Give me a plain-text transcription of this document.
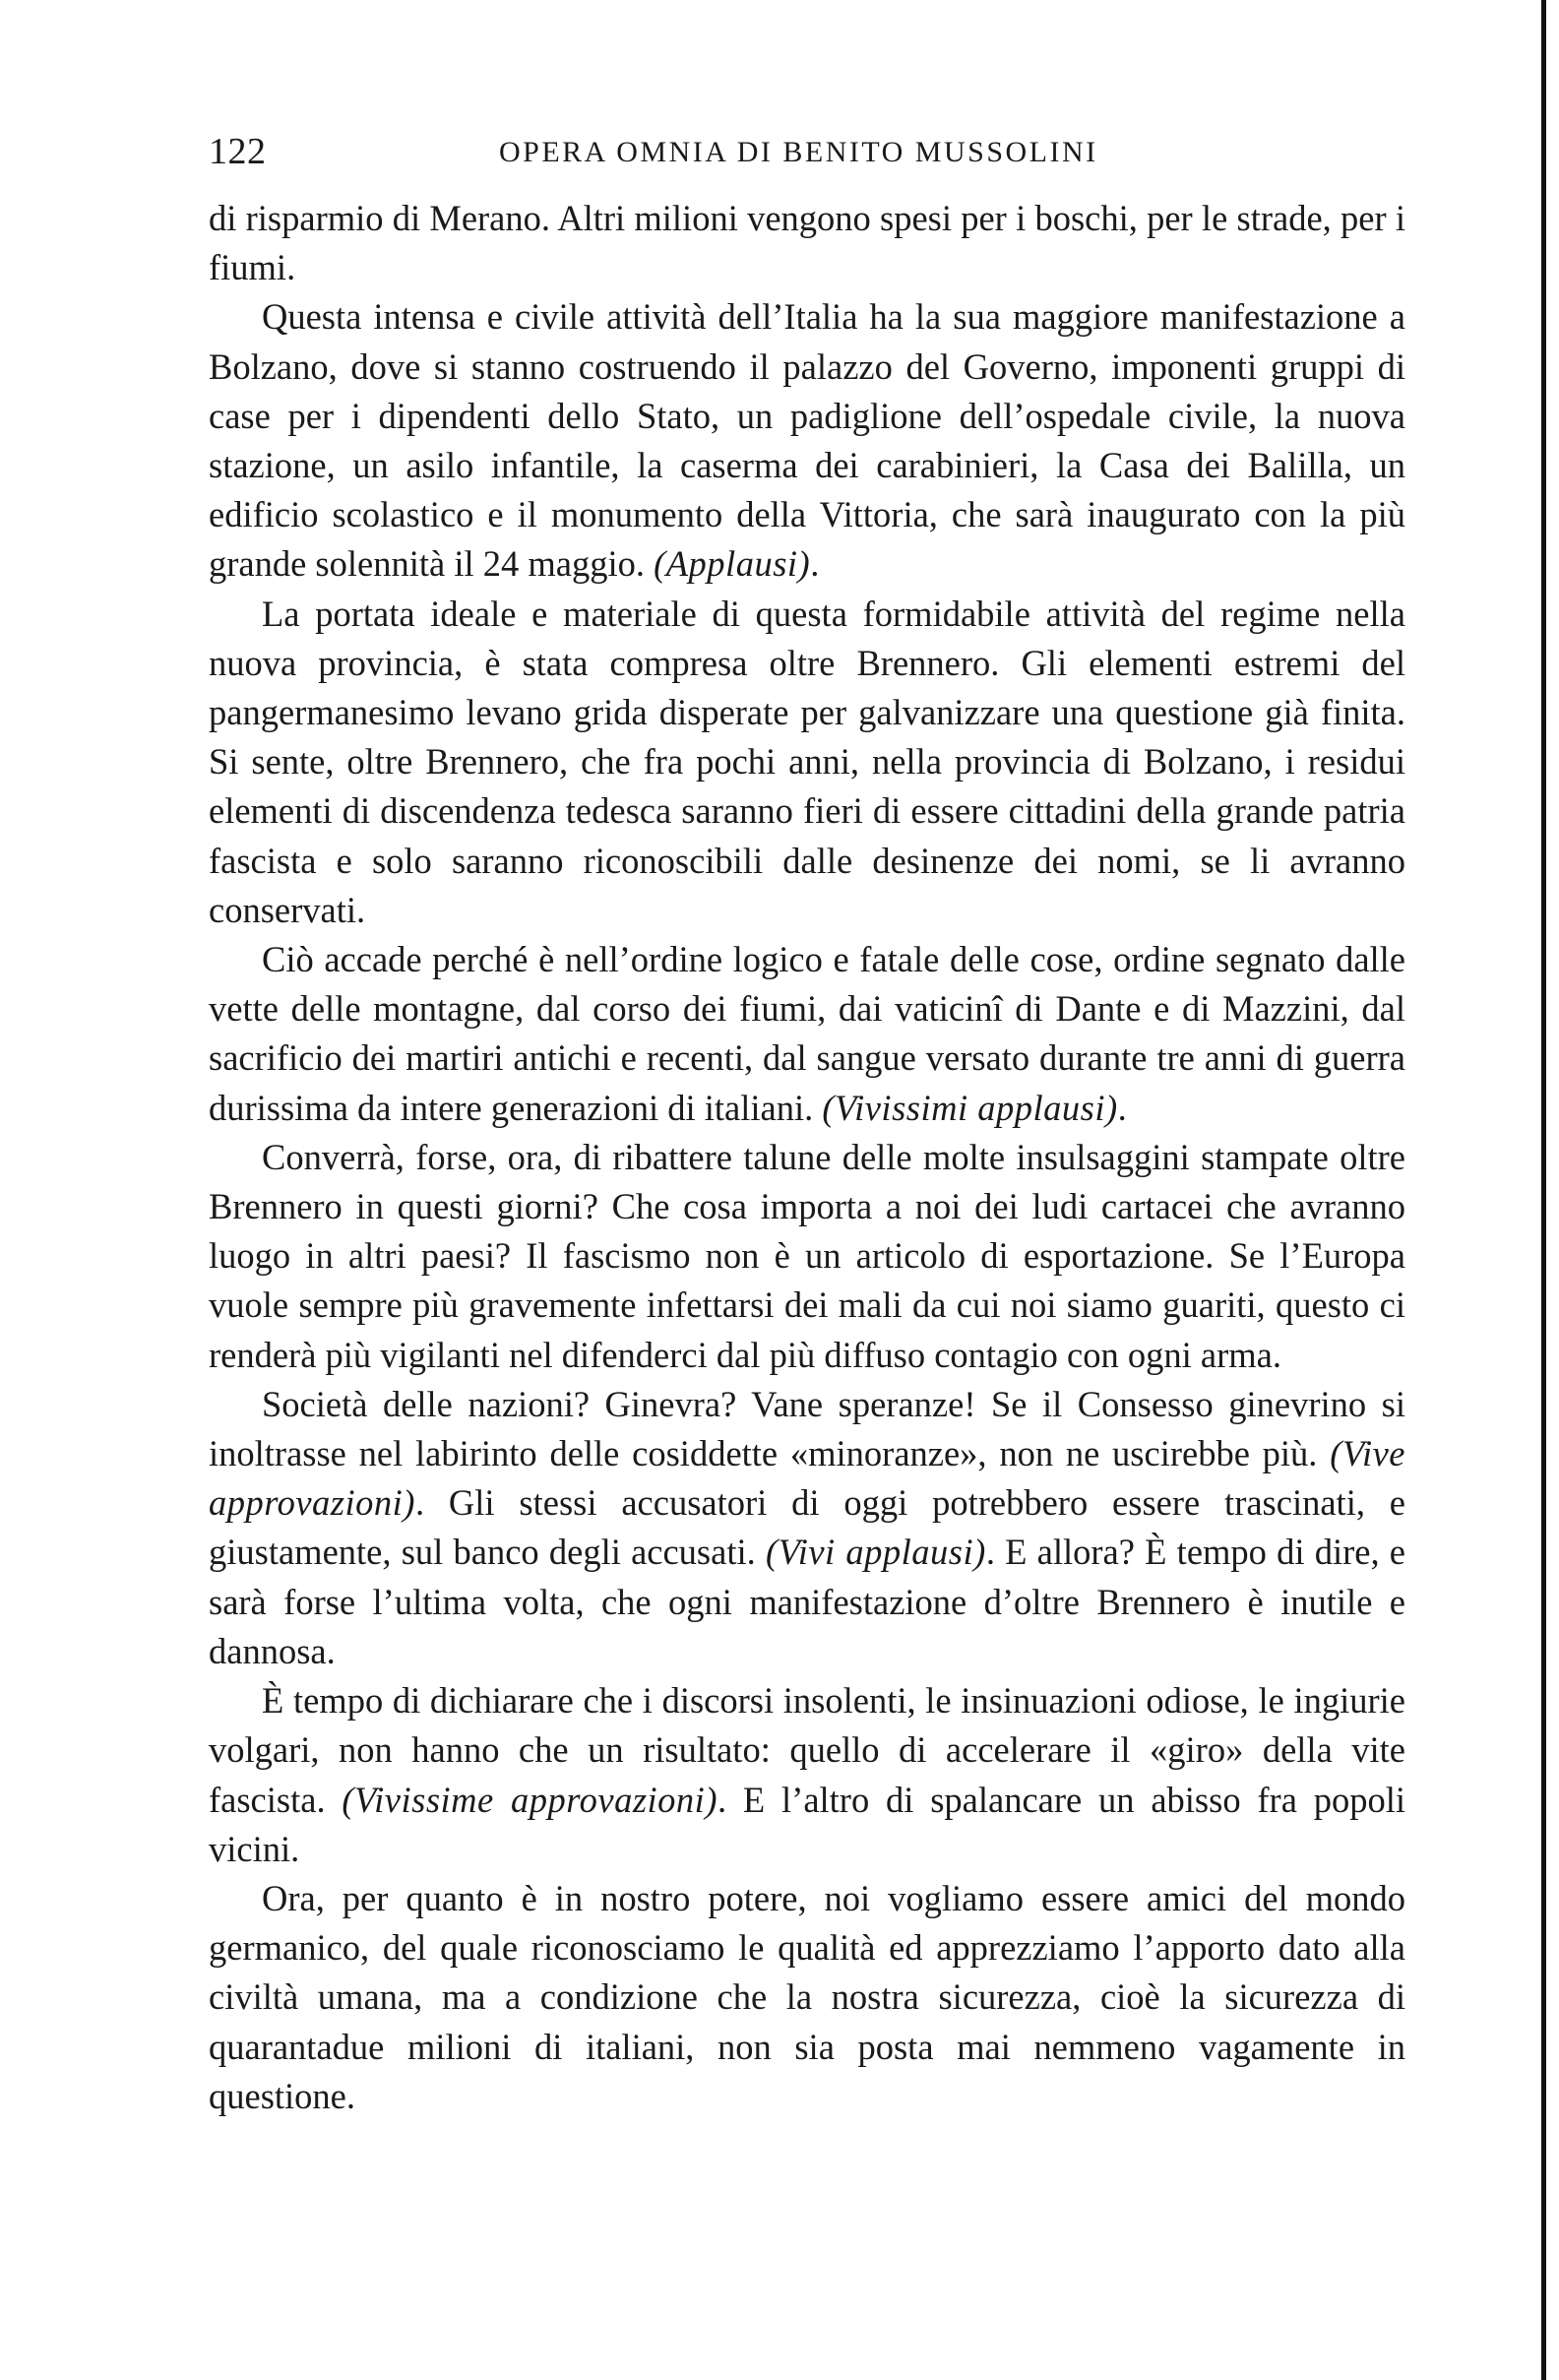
122	OPERA OMNIA DI BENITO MUSSOLINI

di risparmio di Merano. Altri milioni vengono spesi per i boschi, per le strade, per i fiumi.

Questa intensa e civile attività dell’Italia ha la sua maggiore manifestazione a Bolzano, dove si stanno costruendo il palazzo del Governo, imponenti gruppi di case per i dipendenti dello Stato, un padiglione dell’ospedale civile, la nuova stazione, un asilo infantile, la caserma dei carabinieri, la Casa dei Balilla, un edificio scolastico e il monumento della Vittoria, che sarà inaugurato con la più grande solennità il 24 maggio. (Applausi).

La portata ideale e materiale di questa formidabile attività del regime nella nuova provincia, è stata compresa oltre Brennero. Gli elementi estremi del pangermanesimo levano grida disperate per galvanizzare una questione già finita. Si sente, oltre Brennero, che fra pochi anni, nella provincia di Bolzano, i residui elementi di discendenza tedesca saranno fieri di essere cittadini della grande patria fascista e solo saranno riconoscibili dalle desinenze dei nomi, se li avranno conservati.

Ciò accade perché è nell’ordine logico e fatale delle cose, ordine segnato dalle vette delle montagne, dal corso dei fiumi, dai vaticinî di Dante e di Mazzini, dal sacrificio dei martiri antichi e recenti, dal sangue versato durante tre anni di guerra durissima da intere generazioni di italiani. (Vivissimi applausi).

Converrà, forse, ora, di ribattere talune delle molte insulsaggini stampate oltre Brennero in questi giorni? Che cosa importa a noi dei ludi cartacei che avranno luogo in altri paesi? Il fascismo non è un articolo di esportazione. Se l’Europa vuole sempre più gravemente infettarsi dei mali da cui noi siamo guariti, questo ci renderà più vigilanti nel difenderci dal più diffuso contagio con ogni arma.

Società delle nazioni? Ginevra? Vane speranze! Se il Consesso ginevrino si inoltrasse nel labirinto delle cosiddette «minoranze», non ne uscirebbe più. (Vive approvazioni). Gli stessi accusatori di oggi potrebbero essere trascinati, e giustamente, sul banco degli accusati. (Vivi applausi). E allora? È tempo di dire, e sarà forse l’ultima volta, che ogni manifestazione d’oltre Brennero è inutile e dannosa.

È tempo di dichiarare che i discorsi insolenti, le insinuazioni odiose, le ingiurie volgari, non hanno che un risultato: quello di accelerare il «giro» della vite fascista. (Vivissime approvazioni). E l’altro di spalancare un abisso fra popoli vicini.

Ora, per quanto è in nostro potere, noi vogliamo essere amici del mondo germanico, del quale riconosciamo le qualità ed apprezziamo l’apporto dato alla civiltà umana, ma a condizione che la nostra sicurezza, cioè la sicurezza di quarantadue milioni di italiani, non sia posta mai nemmeno vagamente in questione.
